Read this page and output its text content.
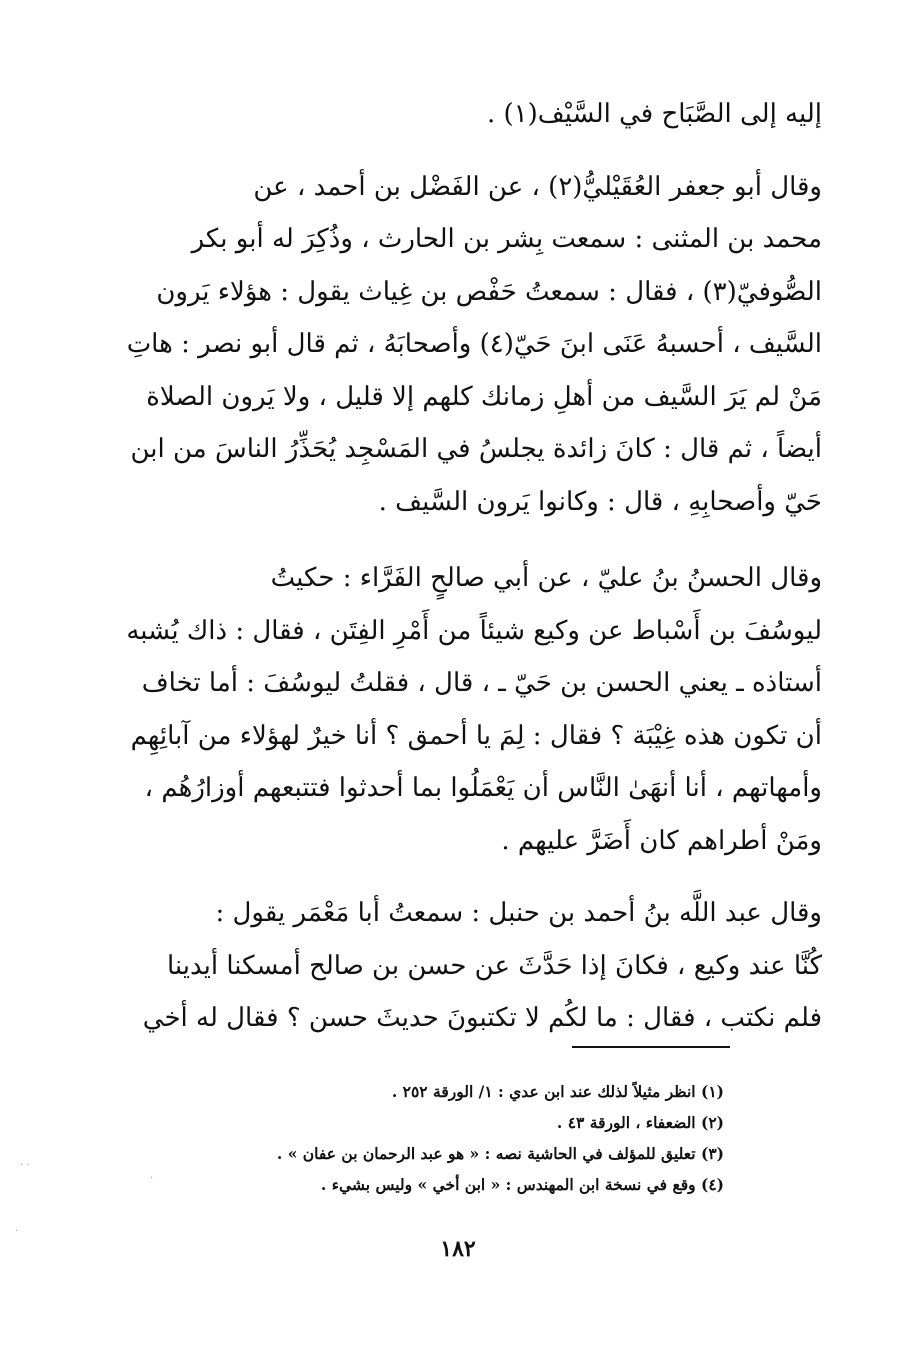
إليه إلى الصَّبَاح في السَّيْف(١) .

وقال أبو جعفر العُقَيْليُّ(٢) ، عن الفَضْل بن أحمد ، عن
محمد بن المثنى : سمعت بِشر بن الحارث ، وذُكِرَ له أبو بكر
الصُّوفيّ(٣) ، فقال : سمعتُ حَفْص بن غِياث يقول : هؤلاء يَرون
السَّيف ، أحسبهُ عَنَى ابنَ حَيّ(٤) وأصحابَهُ ، ثم قال أبو نصر : هاتِ
مَنْ لم يَرَ السَّيف من أهلِ زمانك كلهم إلا قليل ، ولا يَرون الصلاة
أيضاً ، ثم قال : كانَ زائدة يجلسُ في المَسْجِد يُحَذِّرُ الناسَ من ابن
حَيّ وأصحابِهِ ، قال : وكانوا يَرون السَّيف .

وقال الحسنُ بنُ عليّ ، عن أبي صالحٍ الفَرَّاء : حكيتُ
ليوسُفَ بن أَسْباط عن وكيع شيئاً من أَمْرِ الفِتَن ، فقال : ذاك يُشبه
أستاذه ـ يعني الحسن بن حَيّ ـ ، قال ، فقلتُ ليوسُفَ : أما تخاف
أن تكون هذه غِيْبَة ؟ فقال : لِمَ يا أحمق ؟ أنا خيرٌ لهؤلاء من آبائِهِم
وأمهاتهم ، أنا أنهَىٰ النَّاس أن يَعْمَلُوا بما أحدثوا فتتبعهم أوزارُهُم ،
ومَنْ أطراهم كان أَضَرَّ عليهم .

وقال عبد اللَّه بنُ أحمد بن حنبل : سمعتُ أبا مَعْمَر يقول :
كُنَّا عند وكيع ، فكانَ إذا حَدَّثَ عن حسن بن صالح أمسكنا أيدينا
فلم نكتب ، فقال : ما لكُم لا تكتبونَ حديثَ حسن ؟ فقال له أخي

(١) انظر مثيلاً لذلك عند ابن عدي : ١/ الورقة ٢٥٢ .
(٢) الضعفاء ، الورقة ٤٣ .
(٣) تعليق للمؤلف في الحاشية نصه : « هو عبد الرحمان بن عفان » .
(٤) وقع في نسخة ابن المهندس : « ابن أخي » وليس بشيء .
١٨٢
·
· ·
·
